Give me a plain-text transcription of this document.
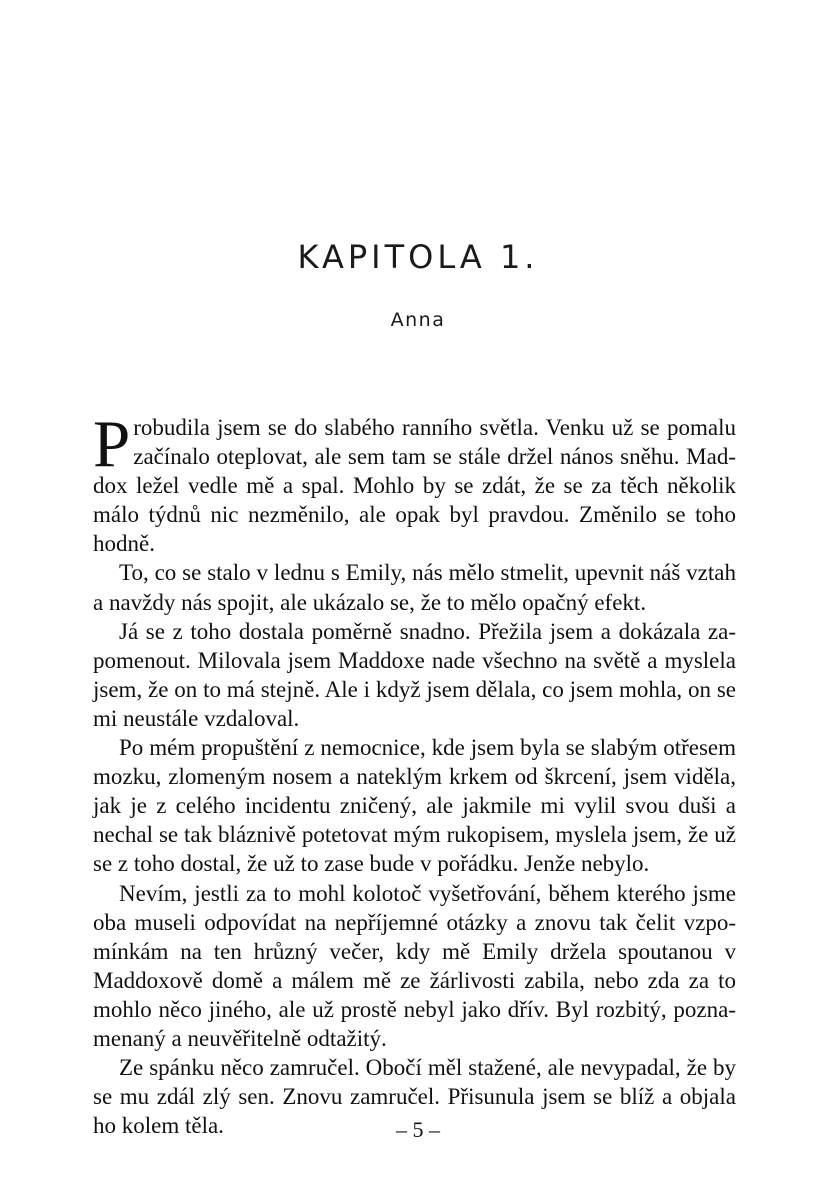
KAPITOLA 1.
Anna

Probudila jsem se do slabého ranního světla. Venku už se pomalu začínalo oteplovat, ale sem tam se stále držel nános sněhu. Maddox ležel vedle mě a spal. Mohlo by se zdát, že se za těch několik málo týdnů nic nezměnilo, ale opak byl pravdou. Změnilo se toho hodně.

To, co se stalo v lednu s Emily, nás mělo stmelit, upevnit náš vztah a navždy nás spojit, ale ukázalo se, že to mělo opačný efekt.

Já se z toho dostala poměrně snadno. Přežila jsem a dokázala zapomenout. Milovala jsem Maddoxe nade všechno na světě a myslela jsem, že on to má stejně. Ale i když jsem dělala, co jsem mohla, on se mi neustále vzdaloval.

Po mém propuštění z nemocnice, kde jsem byla se slabým otřesem mozku, zlomeným nosem a nateklým krkem od škrcení, jsem viděla, jak je z celého incidentu zničený, ale jakmile mi vylil svou duši a nechal se tak bláznivě potetovat mým rukopisem, myslela jsem, že už se z toho dostal, že už to zase bude v pořádku. Jenže nebylo.

Nevím, jestli za to mohl kolotoč vyšetřování, během kterého jsme oba museli odpovídat na nepříjemné otázky a znovu tak čelit vzpomínkám na ten hrůzný večer, kdy mě Emily držela spoutanou v Maddoxově domě a málem mě ze žárlivosti zabila, nebo zda za to mohlo něco jiného, ale už prostě nebyl jako dřív. Byl rozbitý, poznamenaný a neuvěřitelně odtažitý.

Ze spánku něco zamručel. Obočí měl stažené, ale nevypadal, že by se mu zdál zlý sen. Znovu zamručel. Přisunula jsem se blíž a objala ho kolem těla.	– 5 –
